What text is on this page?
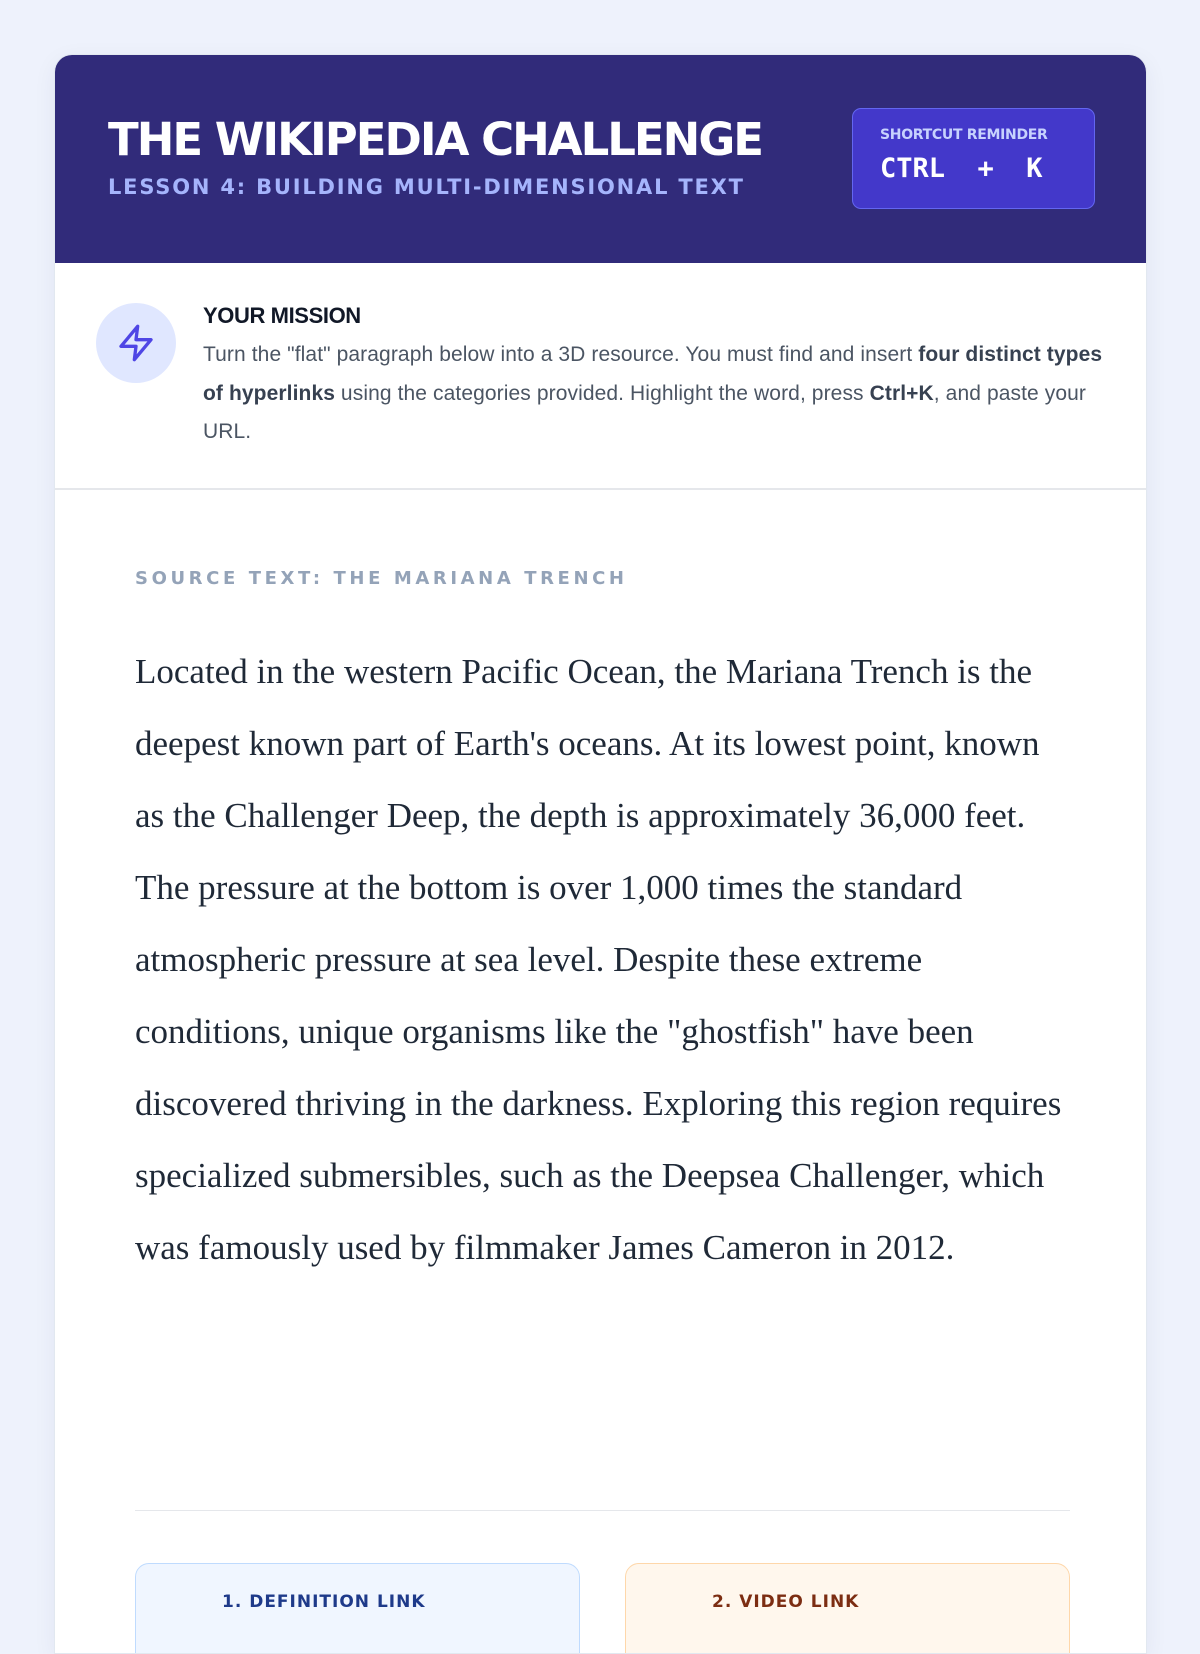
THE WIKIPEDIA CHALLENGE
LESSON 4: BUILDING MULTI-DIMENSIONAL TEXT
SHORTCUT REMINDER
CTRL  +  K
YOUR MISSION
Turn the "flat" paragraph below into a 3D resource. You must find and insert four distinct types of hyperlinks using the categories provided. Highlight the word, press Ctrl+K, and paste your URL.
SOURCE TEXT: THE MARIANA TRENCH
Located in the western Pacific Ocean, the Mariana Trench is the deepest known part of Earth's oceans. At its lowest point, known as the Challenger Deep, the depth is approximately 36,000 feet. The pressure at the bottom is over 1,000 times the standard atmospheric pressure at sea level. Despite these extreme conditions, unique organisms like the "ghostfish" have been discovered thriving in the darkness. Exploring this region requires specialized submersibles, such as the Deepsea Challenger, which was famously used by filmmaker James Cameron in 2012.
1. DEFINITION LINK	2. VIDEO LINK
